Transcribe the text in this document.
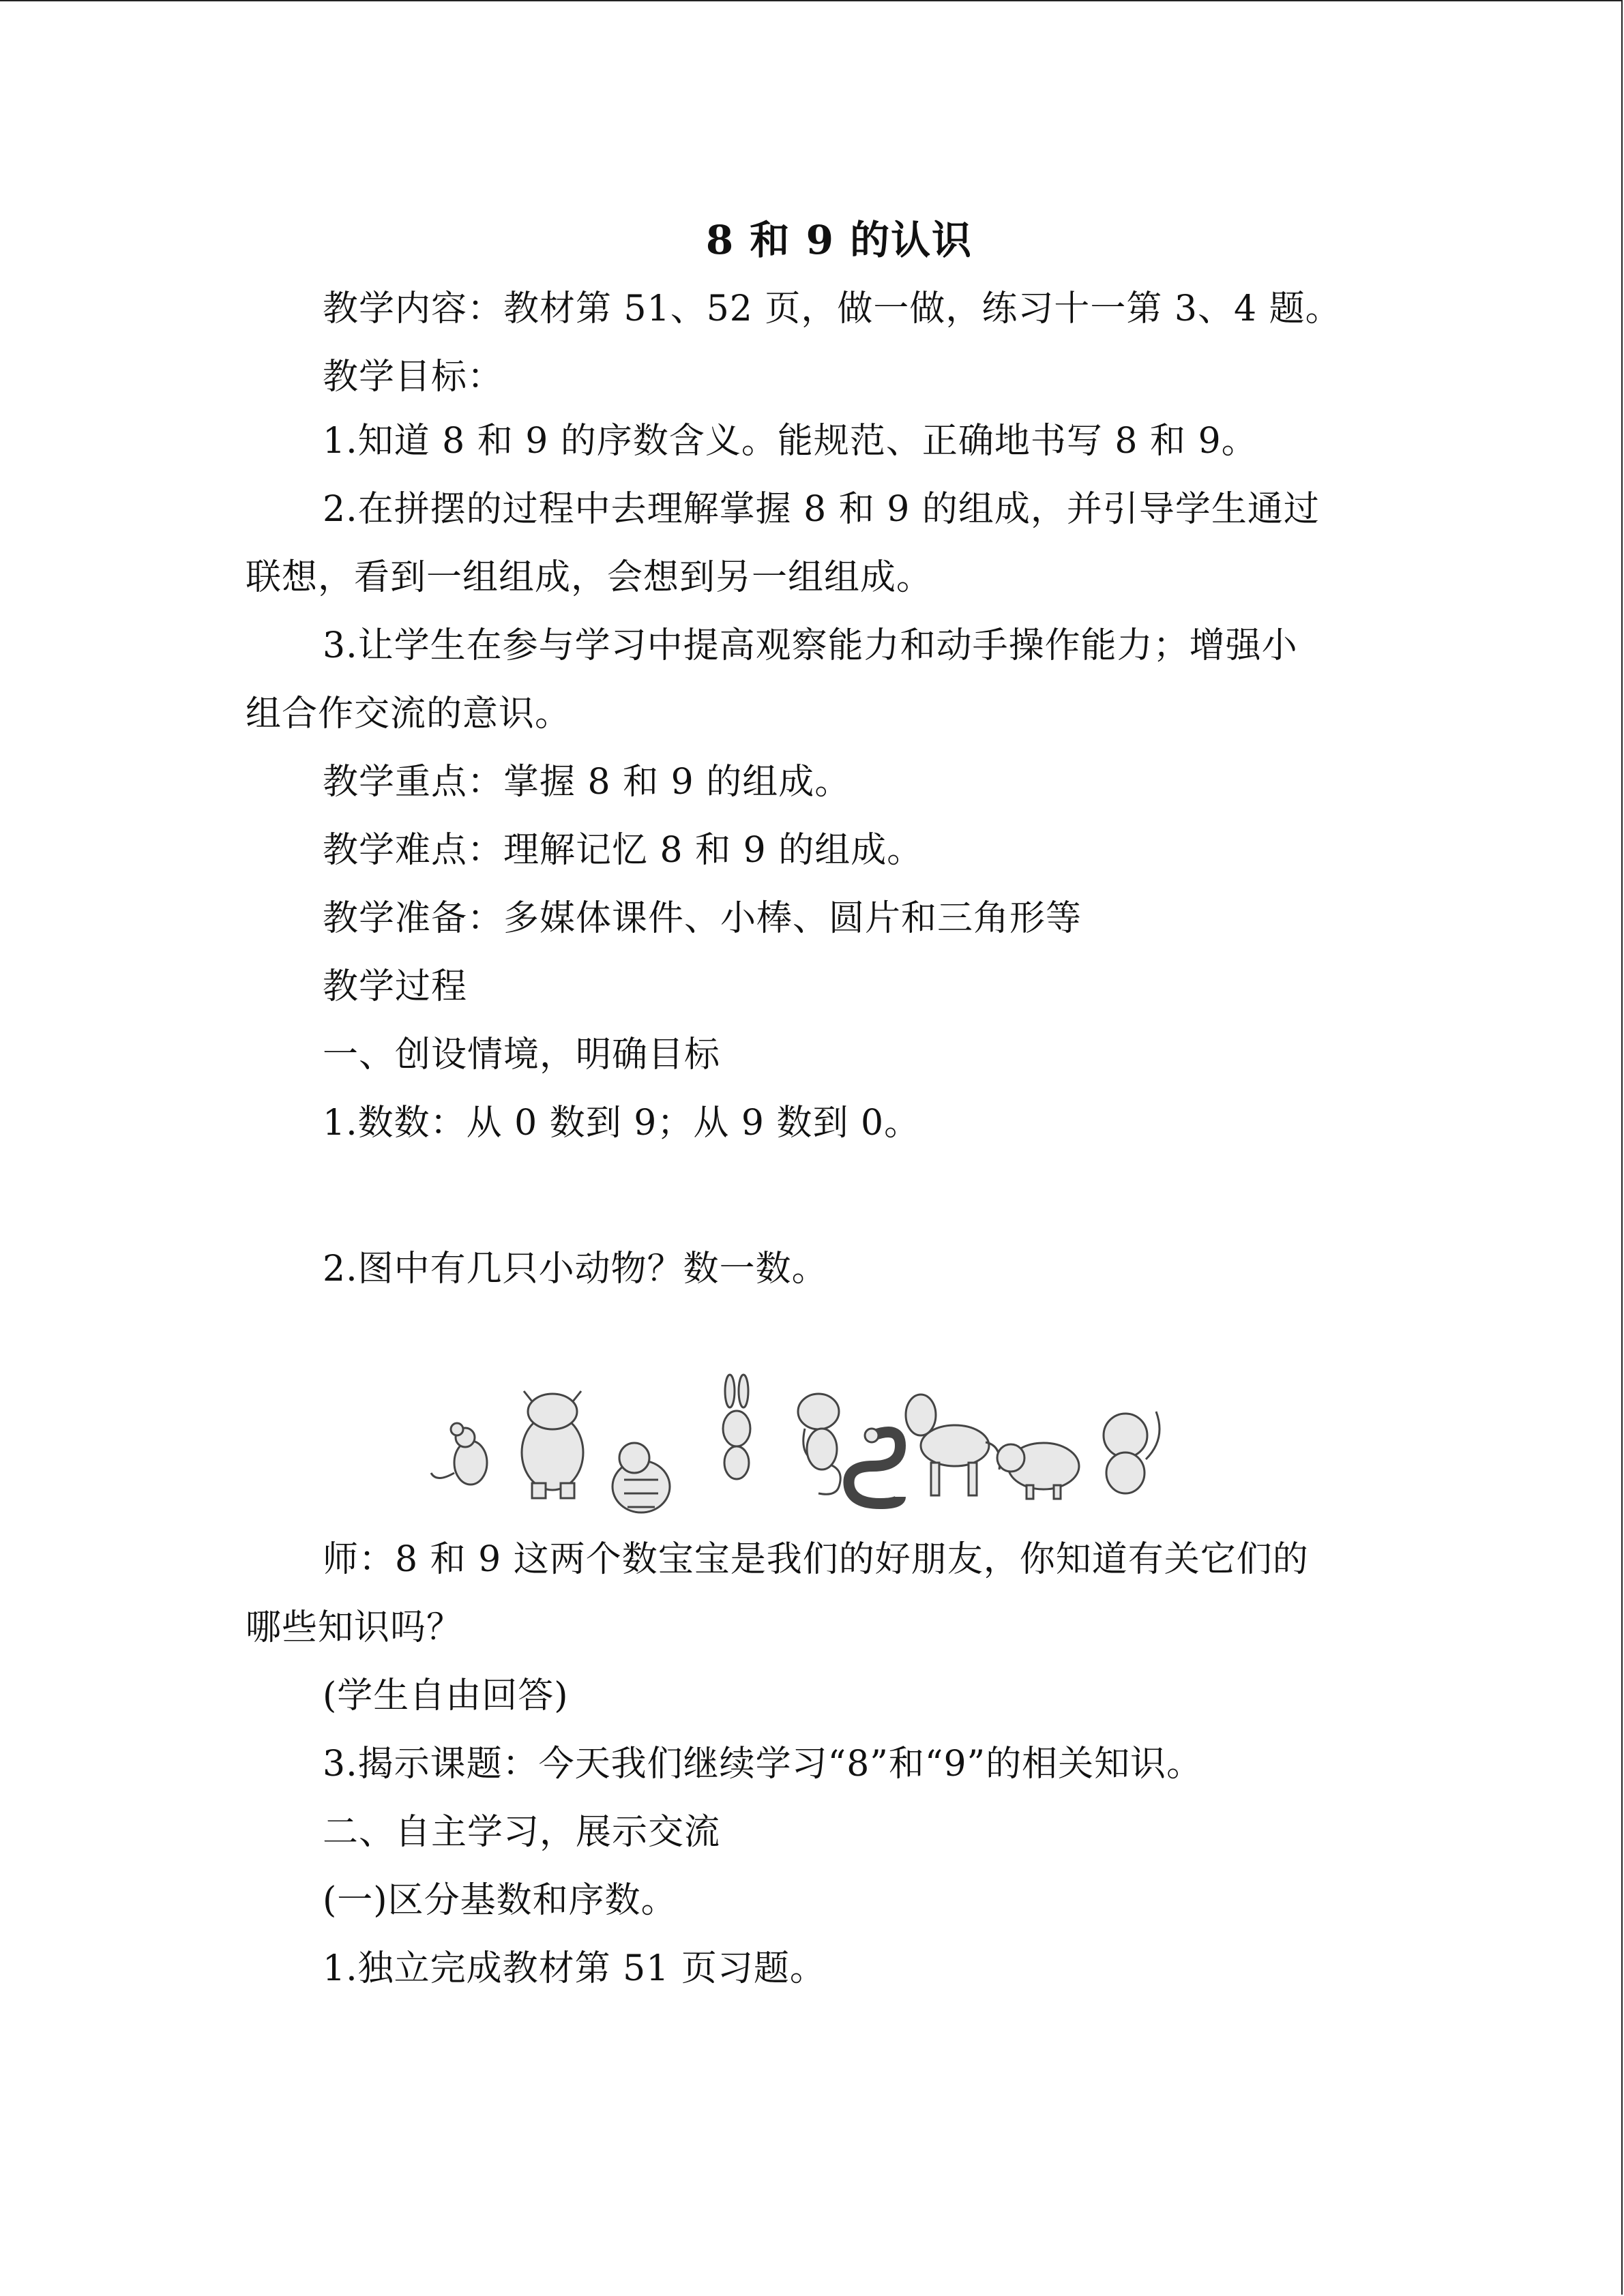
8 和 9 的认识
教学内容：教材第 51、52 页，做一做，练习十一第 3、4 题。
教学目标：
1.知道 8 和 9 的序数含义。能规范、正确地书写 8 和 9。
2.在拼摆的过程中去理解掌握 8 和 9 的组成，并引导学生通过
联想，看到一组组成，会想到另一组组成。
3.让学生在参与学习中提高观察能力和动手操作能力；增强小
组合作交流的意识。
教学重点：掌握 8 和 9 的组成。
教学难点：理解记忆 8 和 9 的组成。
教学准备：多媒体课件、小棒、圆片和三角形等
教学过程
一、创设情境，明确目标
1.数数：从 0 数到 9；从 9 数到 0。
2.图中有几只小动物？数一数。
师：8 和 9 这两个数宝宝是我们的好朋友，你知道有关它们的
哪些知识吗？
(学生自由回答)
3.揭示课题：今天我们继续学习“8”和“9”的相关知识。
二、自主学习，展示交流
(一)区分基数和序数。
1.独立完成教材第 51 页习题。
